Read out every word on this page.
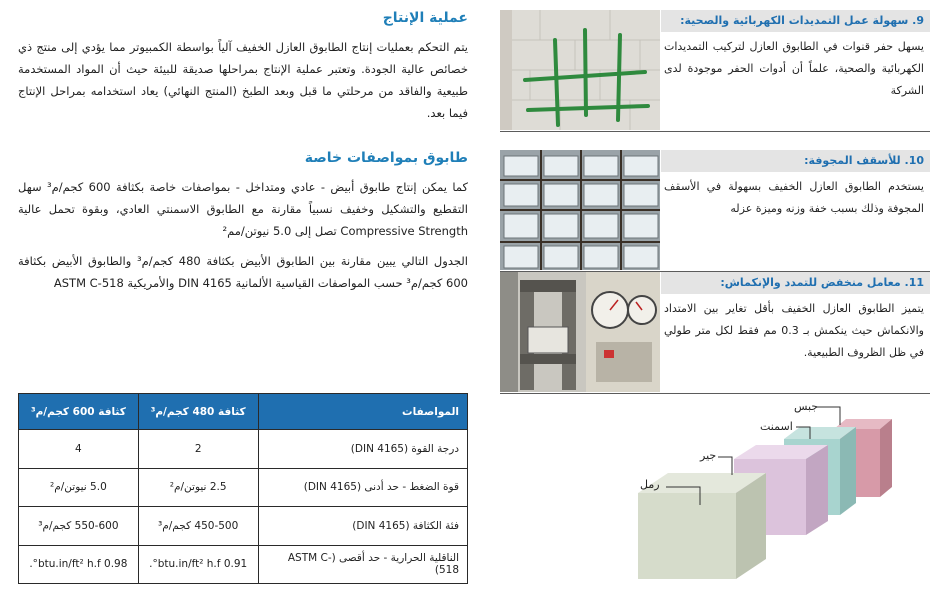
عملية الإنتاج

يتم التحكم بعمليات إنتاج الطابوق العازل الخفيف آلياً بواسطة الكمبيوتر مما يؤدي إلى منتج ذي خصائص عالية الجودة. وتعتبر عملية الإنتاج بمراحلها صديقة للبيئة حيث أن المواد المستخدمة طبيعية والفاقد من مرحلتي ما قبل وبعد الطبخ (المنتج النهائي) يعاد استخدامه بمراحل الإنتاج فيما بعد.

طابوق بمواصفات خاصة

كما يمكن إنتاج طابوق أبيض - عادي ومتداخل - بمواصفات خاصة بكثافة 600 كجم/م³ سهل التقطيع والتشكيل وخفيف نسبياً مقارنة مع الطابوق الاسمنتي العادي، وبقوة تحمل عالية Compressive Strength تصل إلى 5.0 نيوتن/مم²

الجدول التالي يبين مقارنة بين الطابوق الأبيض بكثافة 480 كجم/م³ والطابوق الأبيض بكثافة 600 كجم/م³ حسب المواصفات القياسية الألمانية DIN 4165 والأمريكية ASTM C-518

المواصفات	كثافة 480 كجم/م³	كثافة 600 كجم/م³
درجة القوة (DIN 4165)	2	4
قوة الضغط - حد أدنى (DIN 4165)	2.5 نيوتن/م²	5.0 نيوتن/م²
فئة الكثافة (DIN 4165)	450-500 كجم/م³	550-600 كجم/م³
الناقلية الحرارية - حد أقصى (ASTM C-518)	0.91 btu.in/ft² h.f°.	0.98 btu.in/ft² h.f°.
9. سهولة عمل التمديدات الكهربائية والصحية:
يسهل حفر قنوات في الطابوق العازل لتركيب التمديدات الكهربائية والصحية، علماً أن أدوات الحفر موجودة لدى الشركة
10. للأسقف المجوفة:
يستخدم الطابوق العازل الخفيف بسهولة في الأسقف المجوفة وذلك بسبب خفة وزنه وميزة عزله
11. معامل منخفض للتمدد والإنكماش:
يتميز الطابوق العازل الخفيف بأقل تغاير بين الامتداد والانكماش حيث ينكمش بـ 0.3 مم فقط لكل متر طولي في ظل الظروف الطبيعية.
جبس
اسمنت
جير
رمل
